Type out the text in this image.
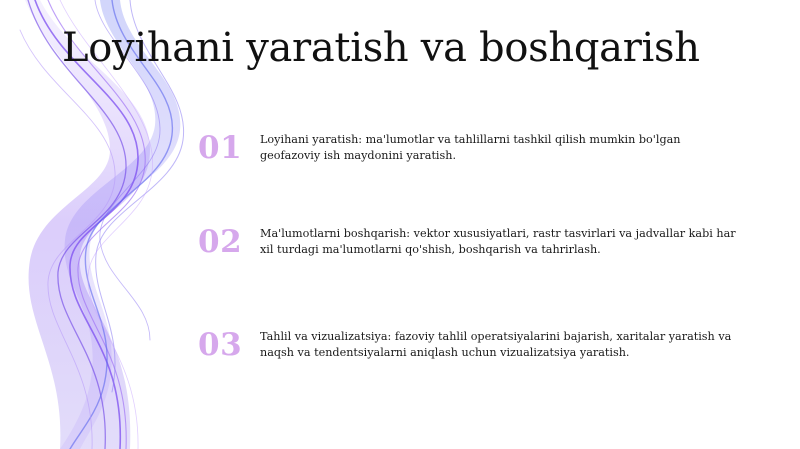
Loyihani yaratish va boshqarish
01 Loyihani yaratish: ma'lumotlar va tahlillarni tashkil qilish mumkin bo'lgan geofazoviy ish maydonini yaratish.

02 Ma'lumotlarni boshqarish: vektor xususiyatlari, rastr tasvirlari va jadvallar kabi har xil turdagi ma'lumotlarni qo'shish, boshqarish va tahrirlash.

03 Tahlil va vizualizatsiya: fazoviy tahlil operatsiyalarini bajarish, xaritalar yaratish va naqsh va tendentsiyalarni aniqlash uchun vizualizatsiya yaratish.
